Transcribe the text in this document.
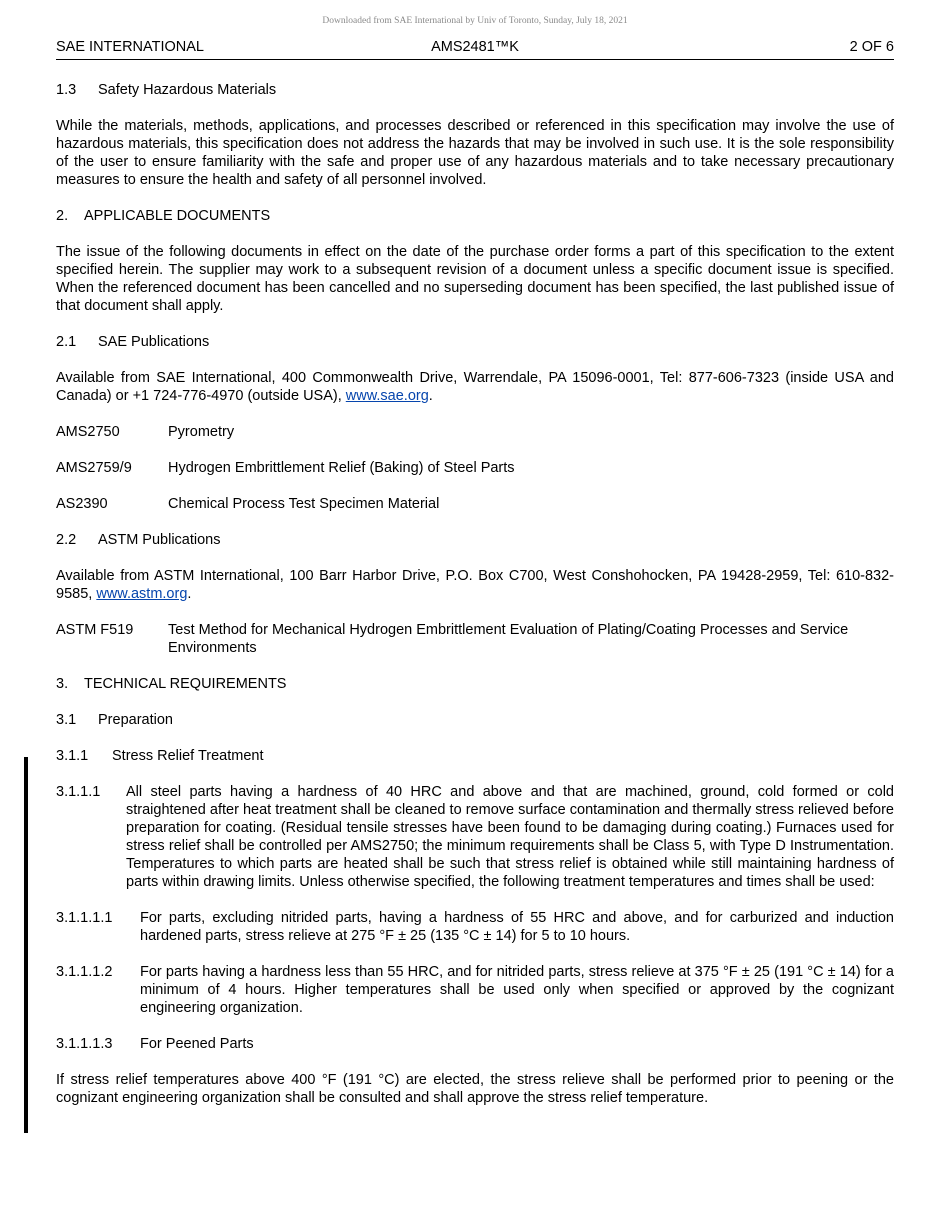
Downloaded from SAE International by Univ of Toronto, Sunday, July 18, 2021
SAE INTERNATIONAL	AMS2481™K	2 OF 6
1.3	Safety Hazardous Materials

While the materials, methods, applications, and processes described or referenced in this specification may involve the use of hazardous materials, this specification does not address the hazards that may be involved in such use. It is the sole responsibility of the user to ensure familiarity with the safe and proper use of any hazardous materials and to take necessary precautionary measures to ensure the health and safety of all personnel involved.

2.	APPLICABLE DOCUMENTS

The issue of the following documents in effect on the date of the purchase order forms a part of this specification to the extent specified herein. The supplier may work to a subsequent revision of a document unless a specific document issue is specified. When the referenced document has been cancelled and no superseding document has been specified, the last published issue of that document shall apply.

2.1	SAE Publications

Available from SAE International, 400 Commonwealth Drive, Warrendale, PA 15096-0001, Tel: 877-606-7323 (inside USA and Canada) or +1 724-776-4970 (outside USA), www.sae.org.

AMS2750	Pyrometry
AMS2759/9	Hydrogen Embrittlement Relief (Baking) of Steel Parts
AS2390	Chemical Process Test Specimen Material
2.2	ASTM Publications

Available from ASTM International, 100 Barr Harbor Drive, P.O. Box C700, West Conshohocken, PA 19428-2959, Tel: 610-832-9585, www.astm.org.

ASTM F519	Test Method for Mechanical Hydrogen Embrittlement Evaluation of Plating/Coating Processes and Service Environments
3.	TECHNICAL REQUIREMENTS
3.1	Preparation
3.1.1	Stress Relief Treatment
3.1.1.1	All steel parts having a hardness of 40 HRC and above and that are machined, ground, cold formed or cold straightened after heat treatment shall be cleaned to remove surface contamination and thermally stress relieved before preparation for coating. (Residual tensile stresses have been found to be damaging during coating.) Furnaces used for stress relief shall be controlled per AMS2750; the minimum requirements shall be Class 5, with Type D Instrumentation. Temperatures to which parts are heated shall be such that stress relief is obtained while still maintaining hardness of parts within drawing limits. Unless otherwise specified, the following treatment temperatures and times shall be used:
3.1.1.1.1	For parts, excluding nitrided parts, having a hardness of 55 HRC and above, and for carburized and induction hardened parts, stress relieve at 275 °F ± 25 (135 °C ± 14) for 5 to 10 hours.
3.1.1.1.2	For parts having a hardness less than 55 HRC, and for nitrided parts, stress relieve at 375 °F ± 25 (191 °C ± 14) for a minimum of 4 hours. Higher temperatures shall be used only when specified or approved by the cognizant engineering organization.
3.1.1.1.3	For Peened Parts

If stress relief temperatures above 400 °F (191 °C) are elected, the stress relieve shall be performed prior to peening or the cognizant engineering organization shall be consulted and shall approve the stress relief temperature.
